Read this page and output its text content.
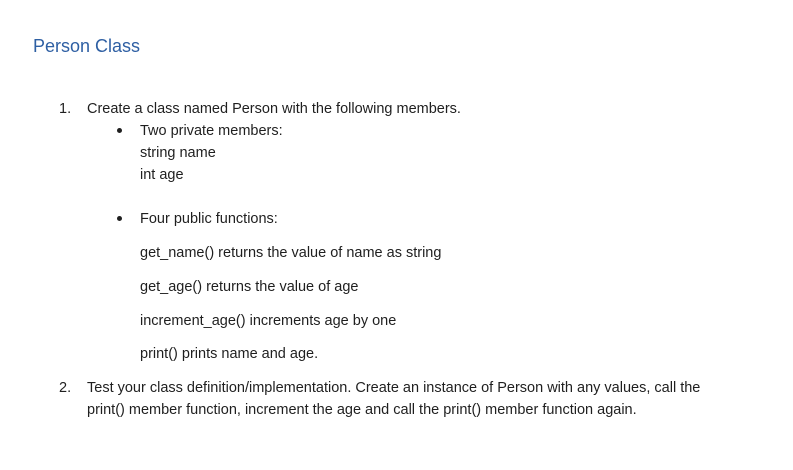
Person Class
1. Create a class named Person with the following members.
Two private members:
string name
int age
Four public functions:
get_name() returns the value of name as string
get_age() returns the value of age
increment_age() increments age by one
print() prints name and age.
2. Test your class definition/implementation. Create an instance of Person with any values, call the
print() member function, increment the age and call the print() member function again.
